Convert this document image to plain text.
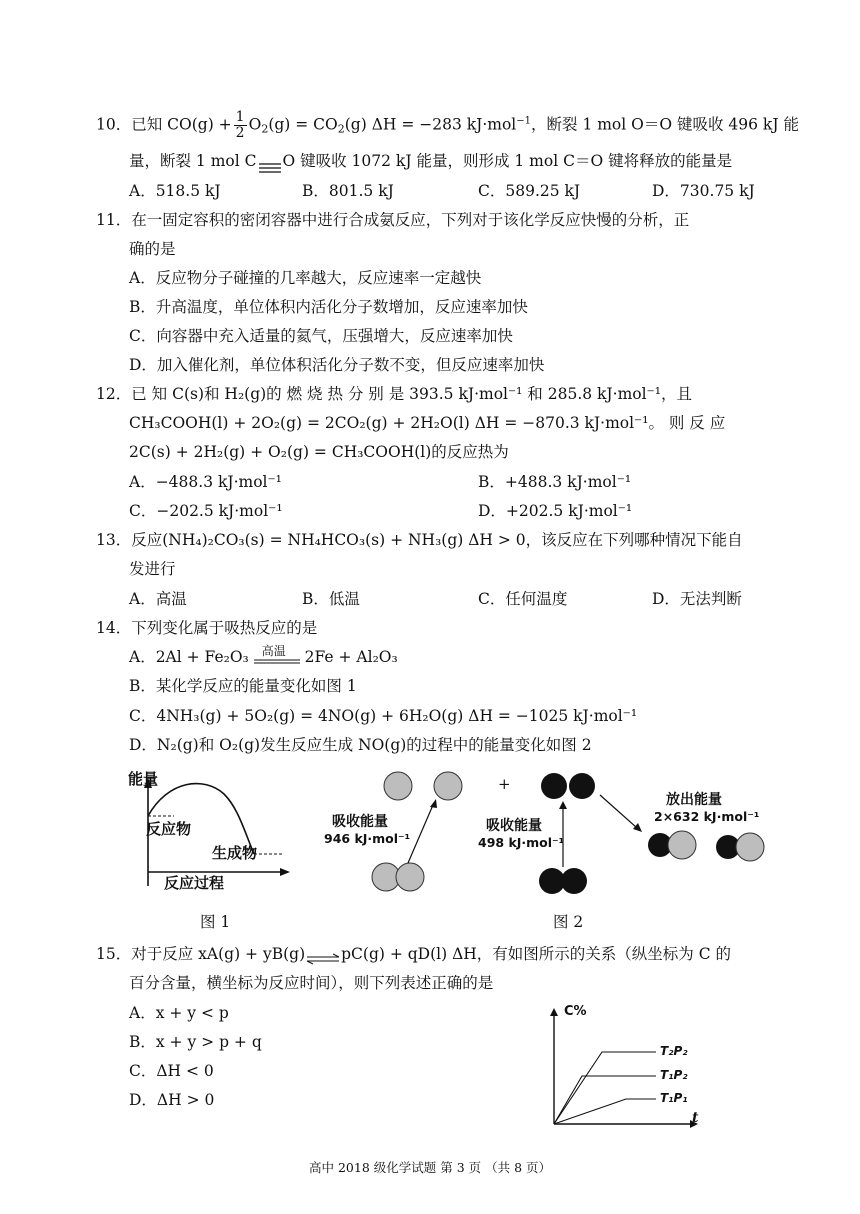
10．已知 $CO(g) + \frac{1}{2} O_2(g) = CO_2(g) \Delta H = -283$ kJ·mol$^{-1}$，断裂 1 mol O＝O 键吸收 496 kJ 能
量，断裂 1 mol C O 键吸收 1072 kJ 能量，则形成 1 mol C＝O 键将释放的能量是
A．518.5 kJ	B．801.5 kJ	C．589.25 kJ	D．730.75 kJ
11．在一固定容积的密闭容器中进行合成氨反应，下列对于该化学反应快慢的分析，正
确的是
A．反应物分子碰撞的几率越大，反应速率一定越快
B．升高温度，单位体积内活化分子数增加，反应速率加快
C．向容器中充入适量的氦气，压强增大，反应速率加快
D．加入催化剂，单位体积活化分子数不变，但反应速率加快
12．已 知 C(s)和 H₂(g)的 燃 烧 热 分 别 是 393.5 kJ·mol⁻¹ 和 285.8 kJ·mol⁻¹，且
CH₃COOH(l) + 2O₂(g) = 2CO₂(g) + 2H₂O(l) ΔH = −870.3 kJ·mol⁻¹。 则 反 应
2C(s) + 2H₂(g) + O₂(g) = CH₃COOH(l)的反应热为
A．−488.3 kJ·mol⁻¹	B．+488.3 kJ·mol⁻¹
C．−202.5 kJ·mol⁻¹	D．+202.5 kJ·mol⁻¹
13．反应(NH₄)₂CO₃(s) = NH₄HCO₃(s) + NH₃(g) ΔH > 0，该反应在下列哪种情况下能自
发进行
A．高温	B．低温	C．任何温度	D．无法判断
14．下列变化属于吸热反应的是
A．2Al + Fe₂O₃ 高温 2Fe + Al₂O₃
B．某化学反应的能量变化如图 1
C．4NH₃(g) + 5O₂(g) = 4NO(g) + 6H₂O(g) ΔH = −1025 kJ·mol⁻¹
D．N₂(g)和 O₂(g)发生反应生成 NO(g)的过程中的能量变化如图 2
能量
反应物
生成物
反应过程
图 1
吸收能量
946 kJ·mol⁻¹
+
吸收能量
498 kJ·mol⁻¹
放出能量
2×632 kJ·mol⁻¹
图 2
15．对于反应 xA(g) + yB(g)⇌pC(g) + qD(l) ΔH，有如图所示的关系（纵坐标为 C 的
百分含量，横坐标为反应时间），则下列表述正确的是
A．x + y < p
B．x + y > p + q
C．ΔH < 0
D．ΔH > 0
C%
t
T₂P₂
T₁P₂
T₁P₁
高中 2018 级化学试题 第 3 页 （共 8 页）
